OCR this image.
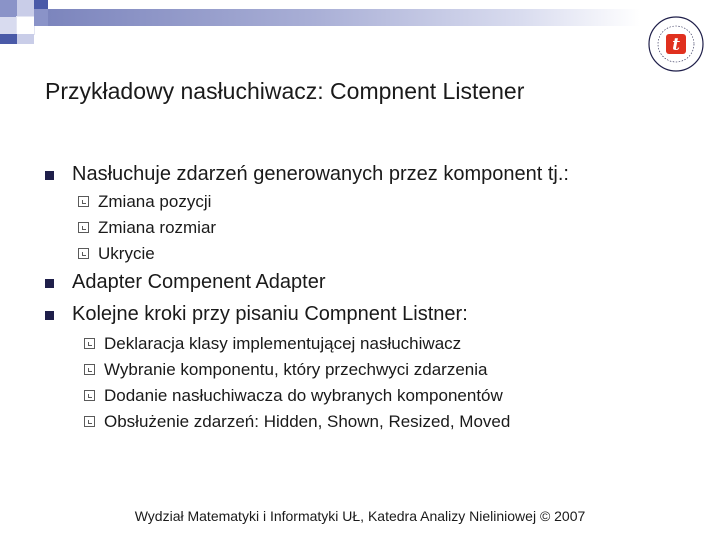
t
Przykładowy nasłuchiwacz: Compnent Listener
Nasłuchuje zdarzeń generowanych przez komponent tj.:
Zmiana pozycji
Zmiana rozmiar
Ukrycie
Adapter Compenent Adapter
Kolejne kroki przy pisaniu Compnent Listner:
Deklaracja klasy implementującej nasłuchiwacz
Wybranie komponentu, który przechwyci zdarzenia
Dodanie nasłuchiwacza do wybranych komponentów
Obsłużenie zdarzeń: Hidden, Shown, Resized, Moved
Wydział Matematyki i Informatyki UŁ, Katedra Analizy Nieliniowej © 2007
